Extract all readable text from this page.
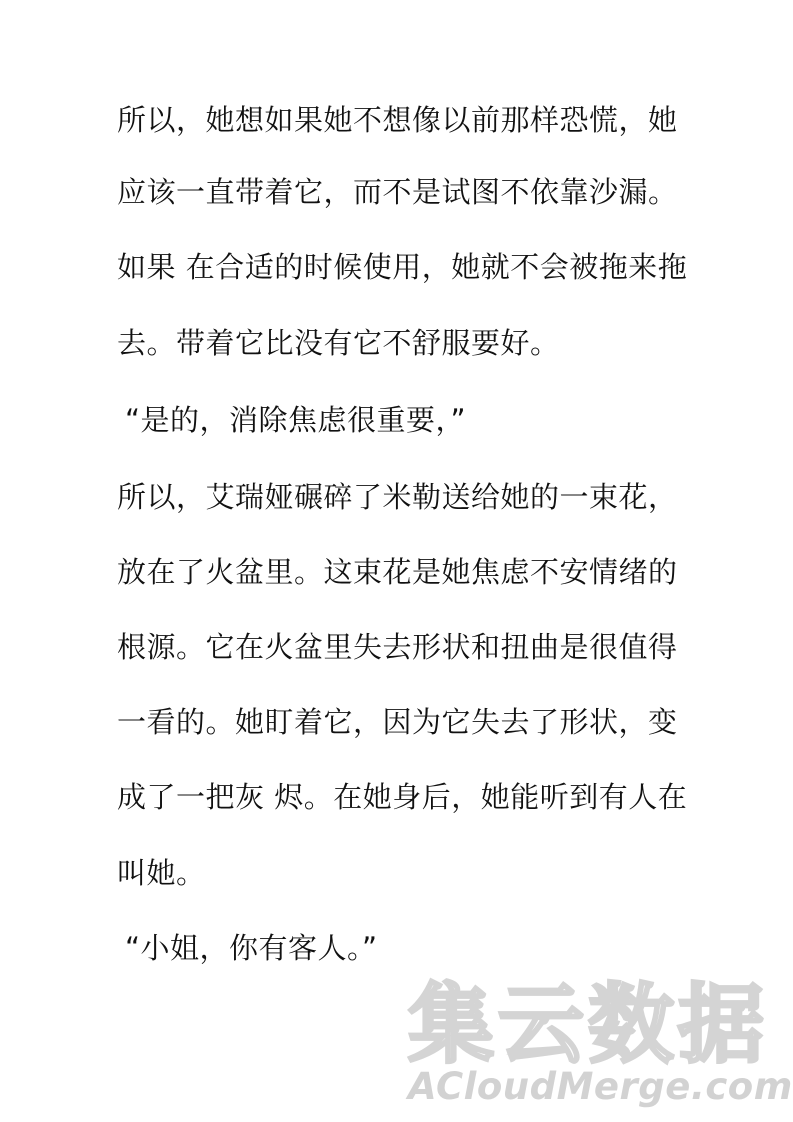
所以，她想如果她不想像以前那样恐慌，她
应该一直带着它，而不是试图不依靠沙漏。
如果 在合适的时候使用，她就不会被拖来拖
去。带着它比没有它不舒服要好。
“是的，消除焦虑很重要，”
所以，艾瑞娅碾碎了米勒送给她的一束花，
放在了火盆里。这束花是她焦虑不安情绪的
根源。它在火盆里失去形状和扭曲是很值得
一看的。她盯着它，因为它失去了形状，变
成了一把灰 烬。在她身后，她能听到有人在
叫她。
“小姐，你有客人。”
集云数据
ACloudMerge.com
